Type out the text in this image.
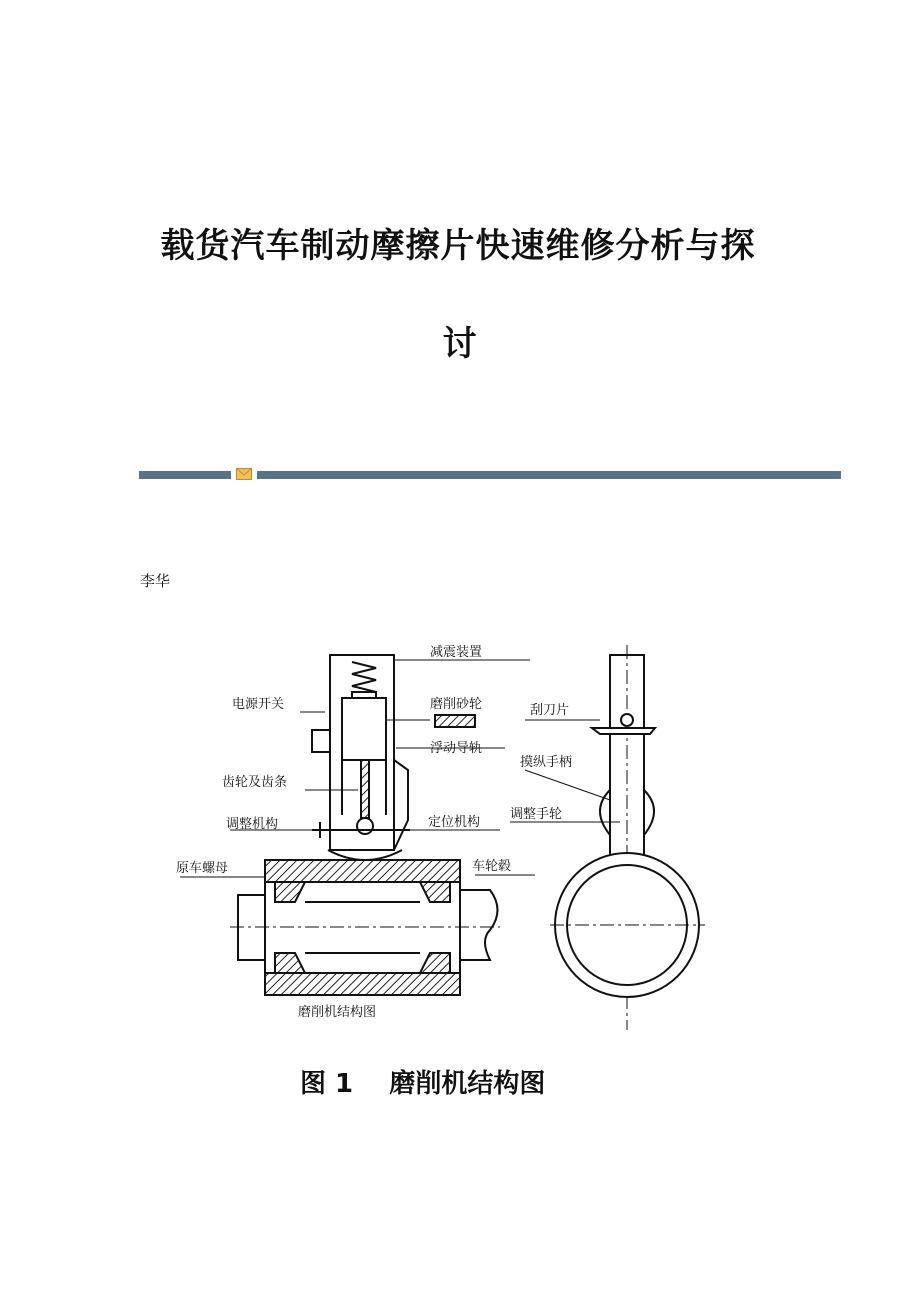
载货汽车制动摩擦片快速维修分析与探
讨
李华
减震装置
电源开关	磨削砂轮
浮动导轨
齿轮及齿条
调整机构	定位机构
原车螺母	车轮毂
磨削机结构图
刮刀片
摸纵手柄
调整手轮
图 1 磨削机结构图
